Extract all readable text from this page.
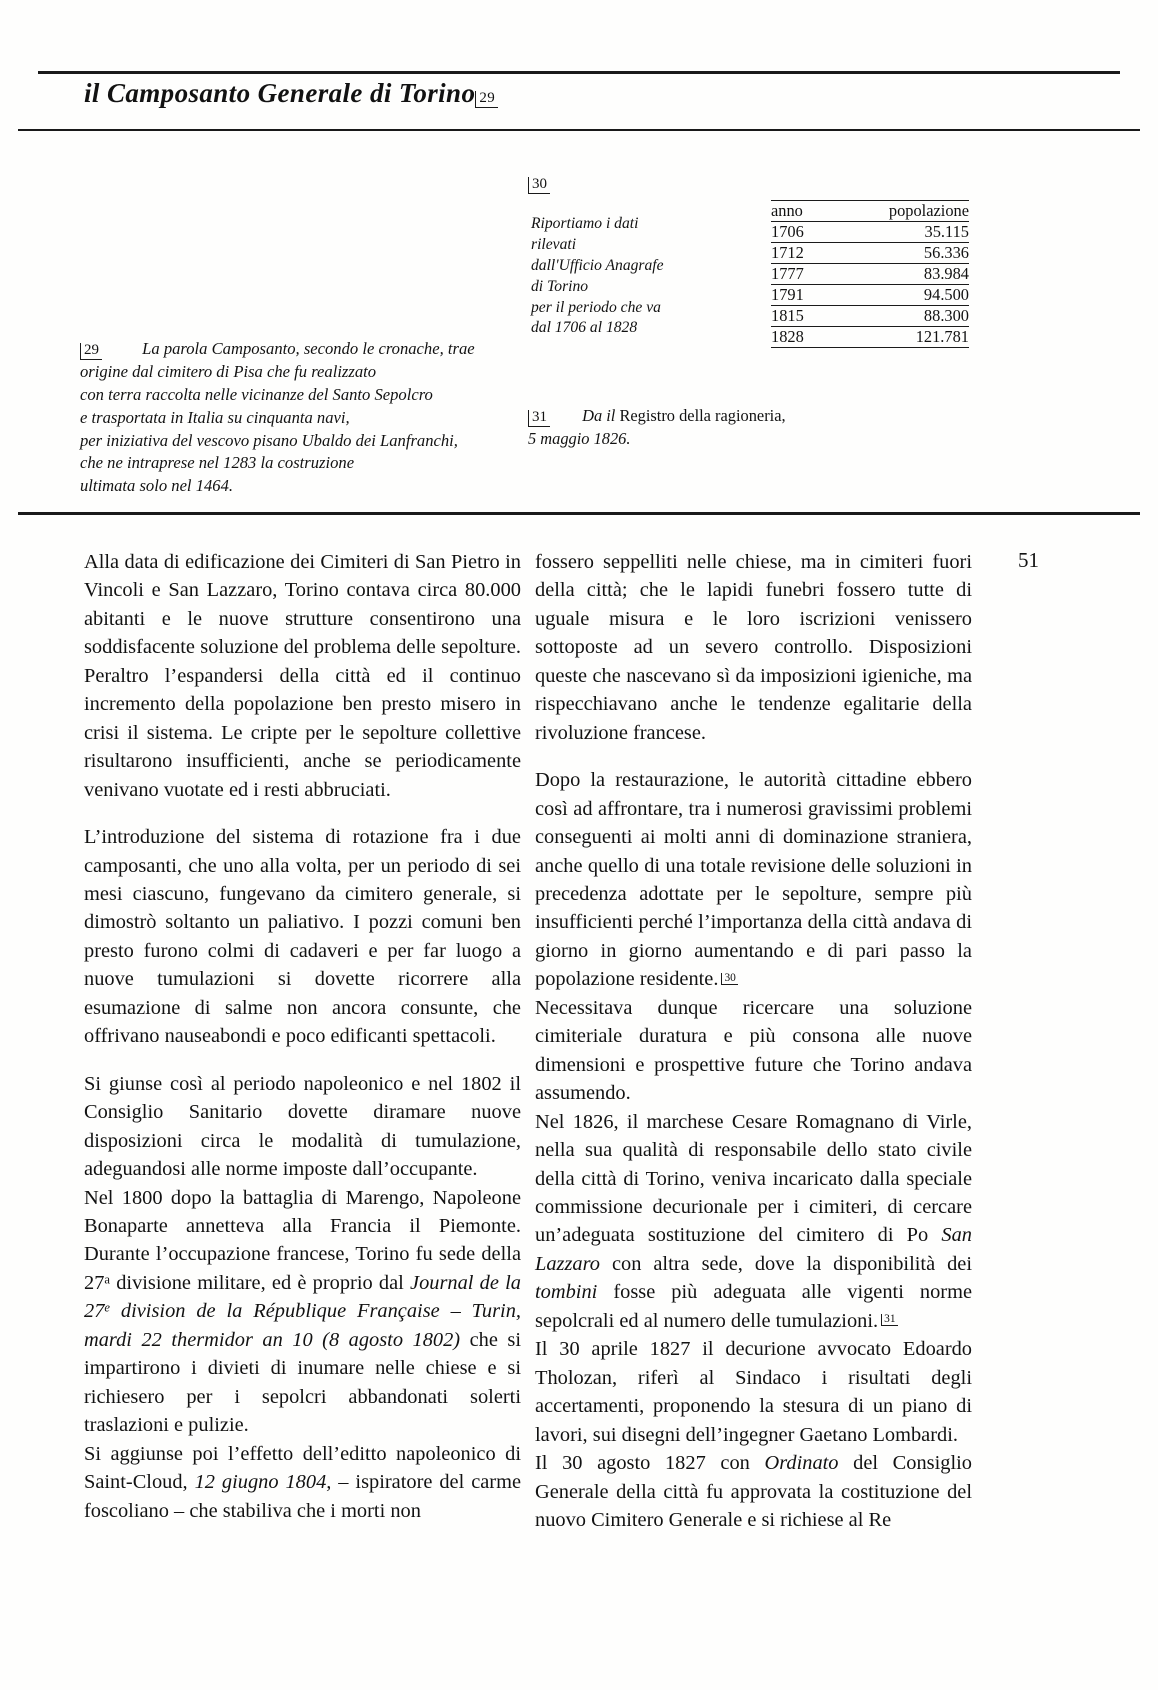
il Camposanto Generale di Torino 29
29	La parola Camposanto, secondo le cronache, trae
origine dal cimitero di Pisa che fu realizzato
con terra raccolta nelle vicinanze del Santo Sepolcro
e trasportata in Italia su cinquanta navi,
per iniziativa del vescovo pisano Ubaldo dei Lanfranchi,
che ne intraprese nel 1283 la costruzione
ultimata solo nel 1464.
30
Riportiamo i dati
rilevati
dall'Ufficio Anagrafe
di Torino
per il periodo che va
dal 1706 al 1828
anno	popolazione
1706	35.115
1712	56.336
1777	83.984
1791	94.500
1815	88.300
1828	121.781
31 Da il Registro della ragioneria,
5 maggio 1826.

Alla data di edificazione dei Cimiteri di San Pietro in Vincoli e San Lazzaro, Torino contava circa 80.000 abitanti e le nuove strutture consentirono una soddisfacente soluzione del problema delle sepolture. Peraltro l’espandersi della città ed il continuo incremento della popolazione ben presto misero in crisi il sistema. Le cripte per le sepolture collettive risultarono insufficienti, anche se periodicamente venivano vuotate ed i resti abbruciati.

L’introduzione del sistema di rotazione fra i due camposanti, che uno alla volta, per un periodo di sei mesi ciascuno, fungevano da cimitero generale, si dimostrò soltanto un paliativo. I pozzi comuni ben presto furono colmi di cadaveri e per far luogo a nuove tumulazioni si dovette ricorrere alla esumazione di salme non ancora consunte, che offrivano nauseabondi e poco edificanti spettacoli.

Si giunse così al periodo napoleonico e nel 1802 il Consiglio Sanitario dovette diramare nuove disposizioni circa le modalità di tumulazione, adeguandosi alle norme imposte dall’occupante.

Nel 1800 dopo la battaglia di Marengo, Napoleone Bonaparte annetteva alla Francia il Piemonte. Durante l’occupazione francese, Torino fu sede della 27$^a$ divisione militare, ed è proprio dal Journal de la 27e division de la République Française – Turin, mardi 22 thermidor an 10 (8 agosto 1802) che si impartirono i divieti di inumare nelle chiese e si richiesero per i sepolcri abbandonati solerti traslazioni e pulizie.

Si aggiunse poi l’effetto dell’editto napoleonico di Saint-Cloud, 12 giugno 1804, – ispiratore del carme foscoliano – che stabiliva che i morti non

fossero seppelliti nelle chiese, ma in cimiteri fuori della città; che le lapidi funebri fossero tutte di uguale misura e le loro iscrizioni venissero sottoposte ad un severo controllo. Disposizioni queste che nascevano sì da imposizioni igieniche, ma rispecchiavano anche le tendenze egalitarie della rivoluzione francese.

Dopo la restaurazione, le autorità cittadine ebbero così ad affrontare, tra i numerosi gravissimi problemi conseguenti ai molti anni di dominazione straniera, anche quello di una totale revisione delle soluzioni in precedenza adottate per le sepolture, sempre più insufficienti perché l’importanza della città andava di giorno in giorno aumentando e di pari passo la popolazione residente. 30

Necessitava dunque ricercare una soluzione cimiteriale duratura e più consona alle nuove dimensioni e prospettive future che Torino andava assumendo.

Nel 1826, il marchese Cesare Romagnano di Virle, nella sua qualità di responsabile dello stato civile della città di Torino, veniva incaricato dalla speciale commissione decurionale per i cimiteri, di cercare un’adeguata sostituzione del cimitero di Po San Lazzaro con altra sede, dove la disponibilità dei tombini fosse più adeguata alle vigenti norme sepolcrali ed al numero delle tumulazioni. 31

Il 30 aprile 1827 il decurione avvocato Edoardo Tholozan, riferì al Sindaco i risultati degli accertamenti, proponendo la stesura di un piano di lavori, sui disegni dell’ingegner Gaetano Lombardi.

Il 30 agosto 1827 con Ordinato del Consiglio Generale della città fu approvata la costituzione del nuovo Cimitero Generale e si richiese al Re

51
